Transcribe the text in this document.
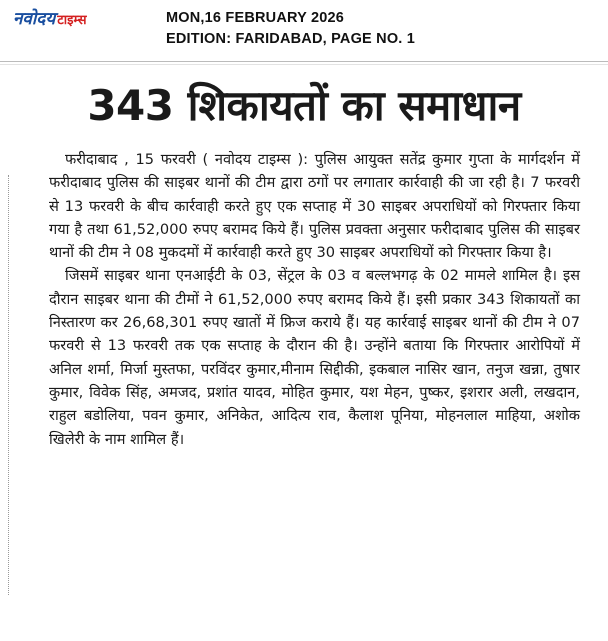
नवोदय टाइम्स	MON,16 FEBRUARY 2026
EDITION: FARIDABAD, PAGE NO. 1
343 शिकायतों का समाधान

फरीदाबाद , 15 फरवरी ( नवोदय टाइम्स ): पुलिस आयुक्त सतेंद्र कुमार गुप्ता के मार्गदर्शन में फरीदाबाद पुलिस की साइबर थानों की टीम द्वारा ठगों पर लगातार कार्रवाही की जा रही है। 7 फरवरी से 13 फरवरी के बीच कार्रवाही करते हुए एक सप्ताह में 30 साइबर अपराधियों को गिरफ्तार किया गया है तथा 61,52,000 रुपए बरामद किये हैं। पुलिस प्रवक्ता अनुसार फरीदाबाद पुलिस की साइबर थानों की टीम ने 08 मुकदमों में कार्रवाही करते हुए 30 साइबर अपराधियों को गिरफ्तार किया है।

जिसमें साइबर थाना एनआईटी के 03, सेंट्रल के 03 व बल्लभगढ़ के 02 मामले शामिल है। इस दौरान साइबर थाना की टीमों ने 61,52,000 रुपए बरामद किये हैं। इसी प्रकार 343 शिकायतों का निस्तारण कर 26,68,301 रुपए खातों में फ्रिज कराये हैं। यह कार्रवाई साइबर थानों की टीम ने 07 फरवरी से 13 फरवरी तक एक सप्ताह के दौरान की है। उन्होंने बताया कि गिरफ्तार आरोपियों में अनिल शर्मा, मिर्जा मुस्तफा, परविंदर कुमार,मीनाम सिद्दीकी, इकबाल नासिर खान, तनुज खन्ना, तुषार कुमार, विवेक सिंह, अमजद, प्रशांत यादव, मोहित कुमार, यश मेहन, पुष्कर, इशरार अली, लखदान, राहुल बडोलिया, पवन कुमार, अनिकेत, आदित्य राव, कैलाश पूनिया, मोहनलाल माहिया, अशोक खिलेरी के नाम शामिल हैं।
